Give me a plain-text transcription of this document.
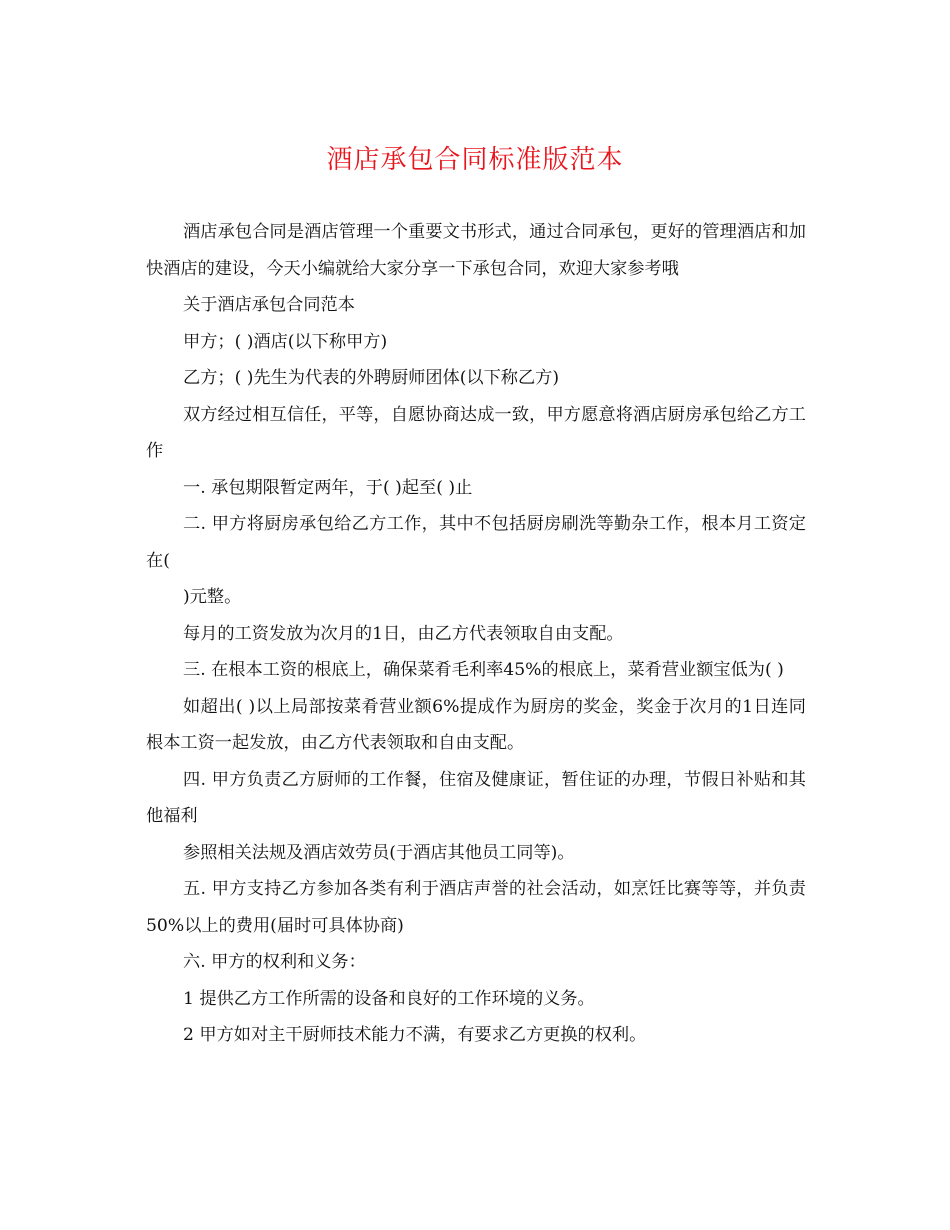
酒店承包合同标准版范本

酒店承包合同是酒店管理一个重要文书形式，通过合同承包，更好的管理酒店和加快酒店的建设，今天小编就给大家分享一下承包合同，欢迎大家参考哦

关于酒店承包合同范本

甲方；( )酒店(以下称甲方)

乙方；( )先生为代表的外聘厨师团体(以下称乙方)

双方经过相互信任，平等，自愿协商达成一致，甲方愿意将酒店厨房承包给乙方工作

一. 承包期限暂定两年，于( )起至( )止

二. 甲方将厨房承包给乙方工作，其中不包括厨房刷洗等勤杂工作，根本月工资定在(

)元整。

每月的工资发放为次月的1日，由乙方代表领取自由支配。

三. 在根本工资的根底上，确保菜肴毛利率45%的根底上，菜肴营业额宝低为( )

如超出( )以上局部按菜肴营业额6%提成作为厨房的奖金，奖金于次月的1日连同根本工资一起发放，由乙方代表领取和自由支配。

四. 甲方负责乙方厨师的工作餐，住宿及健康证，暂住证的办理，节假日补贴和其他福利

参照相关法规及酒店效劳员(于酒店其他员工同等)。

五. 甲方支持乙方参加各类有利于酒店声誉的社会活动，如烹饪比赛等等，并负责50%以上的费用(届时可具体协商)

六. 甲方的权利和义务：

1 提供乙方工作所需的设备和良好的工作环境的义务。

2 甲方如对主干厨师技术能力不满，有要求乙方更换的权利。
